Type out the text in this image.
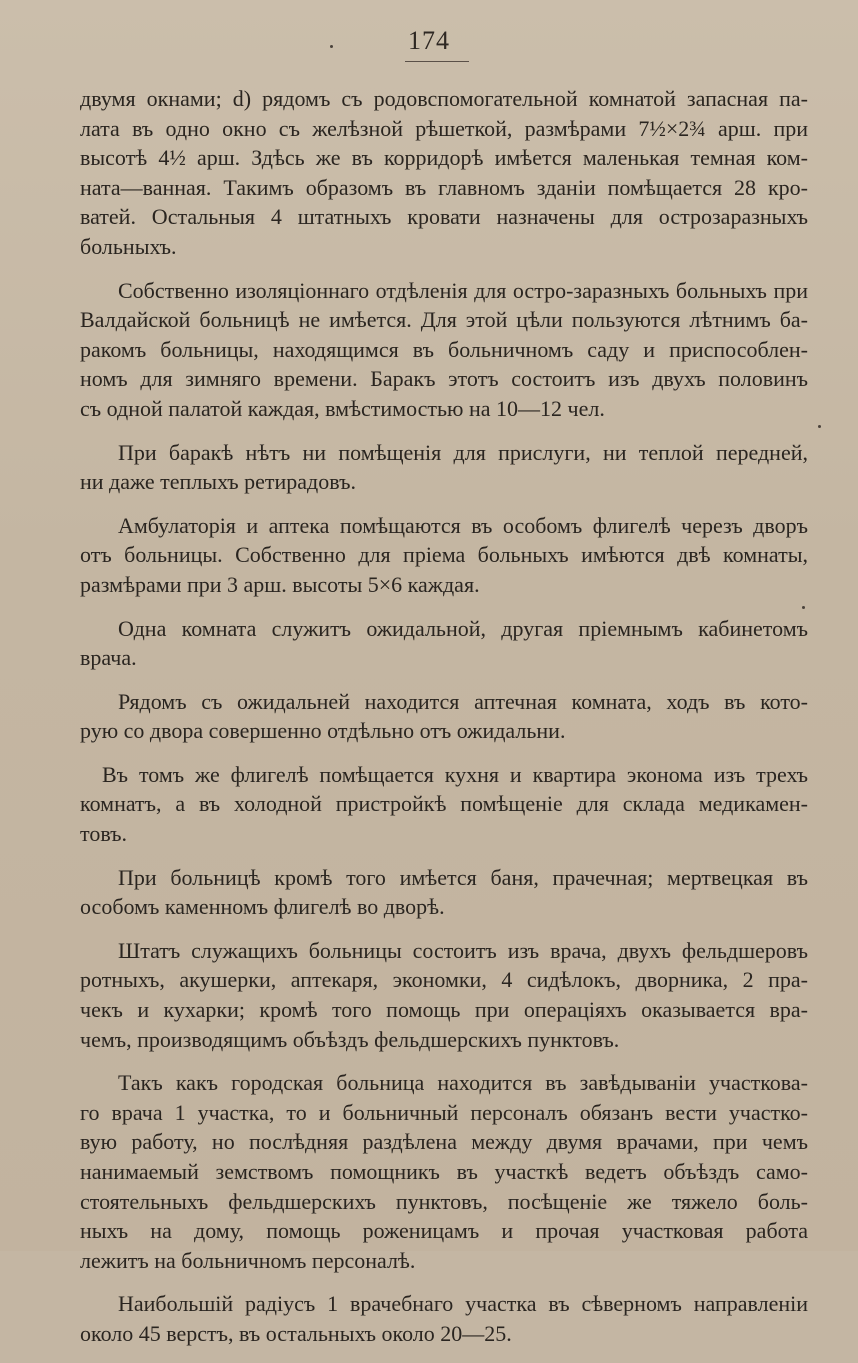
174
двумя окнами; d) рядомъ съ родовспомогательной комнатой запасная па-
лата въ одно окно съ желѣзной рѣшеткой, размѣрами 7½×2¾ арш. при
высотѣ 4½ арш. Здѣсь же въ корридорѣ имѣется маленькая темная ком-
ната—ванная. Такимъ образомъ въ главномъ зданіи помѣщается 28 кро-
ватей. Остальныя 4 штатныхъ кровати назначены для острозаразныхъ
больныхъ.
Собственно изоляціоннаго отдѣленія для остро-заразныхъ больныхъ при
Валдайской больницѣ не имѣется. Для этой цѣли пользуются лѣтнимъ ба-
ракомъ больницы, находящимся въ больничномъ саду и приспособлен-
номъ для зимняго времени. Баракъ этотъ состоитъ изъ двухъ половинъ
съ одной палатой каждая, вмѣстимостью на 10—12 чел.
При баракѣ нѣтъ ни помѣщенія для прислуги, ни теплой передней,
ни даже теплыхъ ретирадовъ.
Амбулаторія и аптека помѣщаются въ особомъ флигелѣ черезъ дворъ
отъ больницы. Собственно для пріема больныхъ имѣются двѣ комнаты,
размѣрами при 3 арш. высоты 5×6 каждая.
Одна комната служитъ ожидальной, другая пріемнымъ кабинетомъ
врача.
Рядомъ съ ожидальней находится аптечная комната, ходъ въ кото-
рую со двора совершенно отдѣльно отъ ожидальни.
Въ томъ же флигелѣ помѣщается кухня и квартира эконома изъ трехъ
комнатъ, а въ холодной пристройкѣ помѣщеніе для склада медикамен-
товъ.
При больницѣ кромѣ того имѣется баня, прачечная; мертвецкая въ
особомъ каменномъ флигелѣ во дворѣ.
Штатъ служащихъ больницы состоитъ изъ врача, двухъ фельдшеровъ
ротныхъ, акушерки, аптекаря, экономки, 4 сидѣлокъ, дворника, 2 пра-
чекъ и кухарки; кромѣ того помощь при операціяхъ оказывается вра-
чемъ, производящимъ объѣздъ фельдшерскихъ пунктовъ.
Такъ какъ городская больница находится въ завѣдываніи участкова-
го врача 1 участка, то и больничный персоналъ обязанъ вести участко-
вую работу, но послѣдняя раздѣлена между двумя врачами, при чемъ
нанимаемый земствомъ помощникъ въ участкѣ ведетъ объѣздъ само-
стоятельныхъ фельдшерскихъ пунктовъ, посѣщеніе же тяжело боль-
ныхъ на дому, помощь роженицамъ и прочая участковая работа
лежитъ на больничномъ персоналѣ.
Наибольшій радіусъ 1 врачебнаго участка въ сѣверномъ направленіи
около 45 верстъ, въ остальныхъ около 20—25.
